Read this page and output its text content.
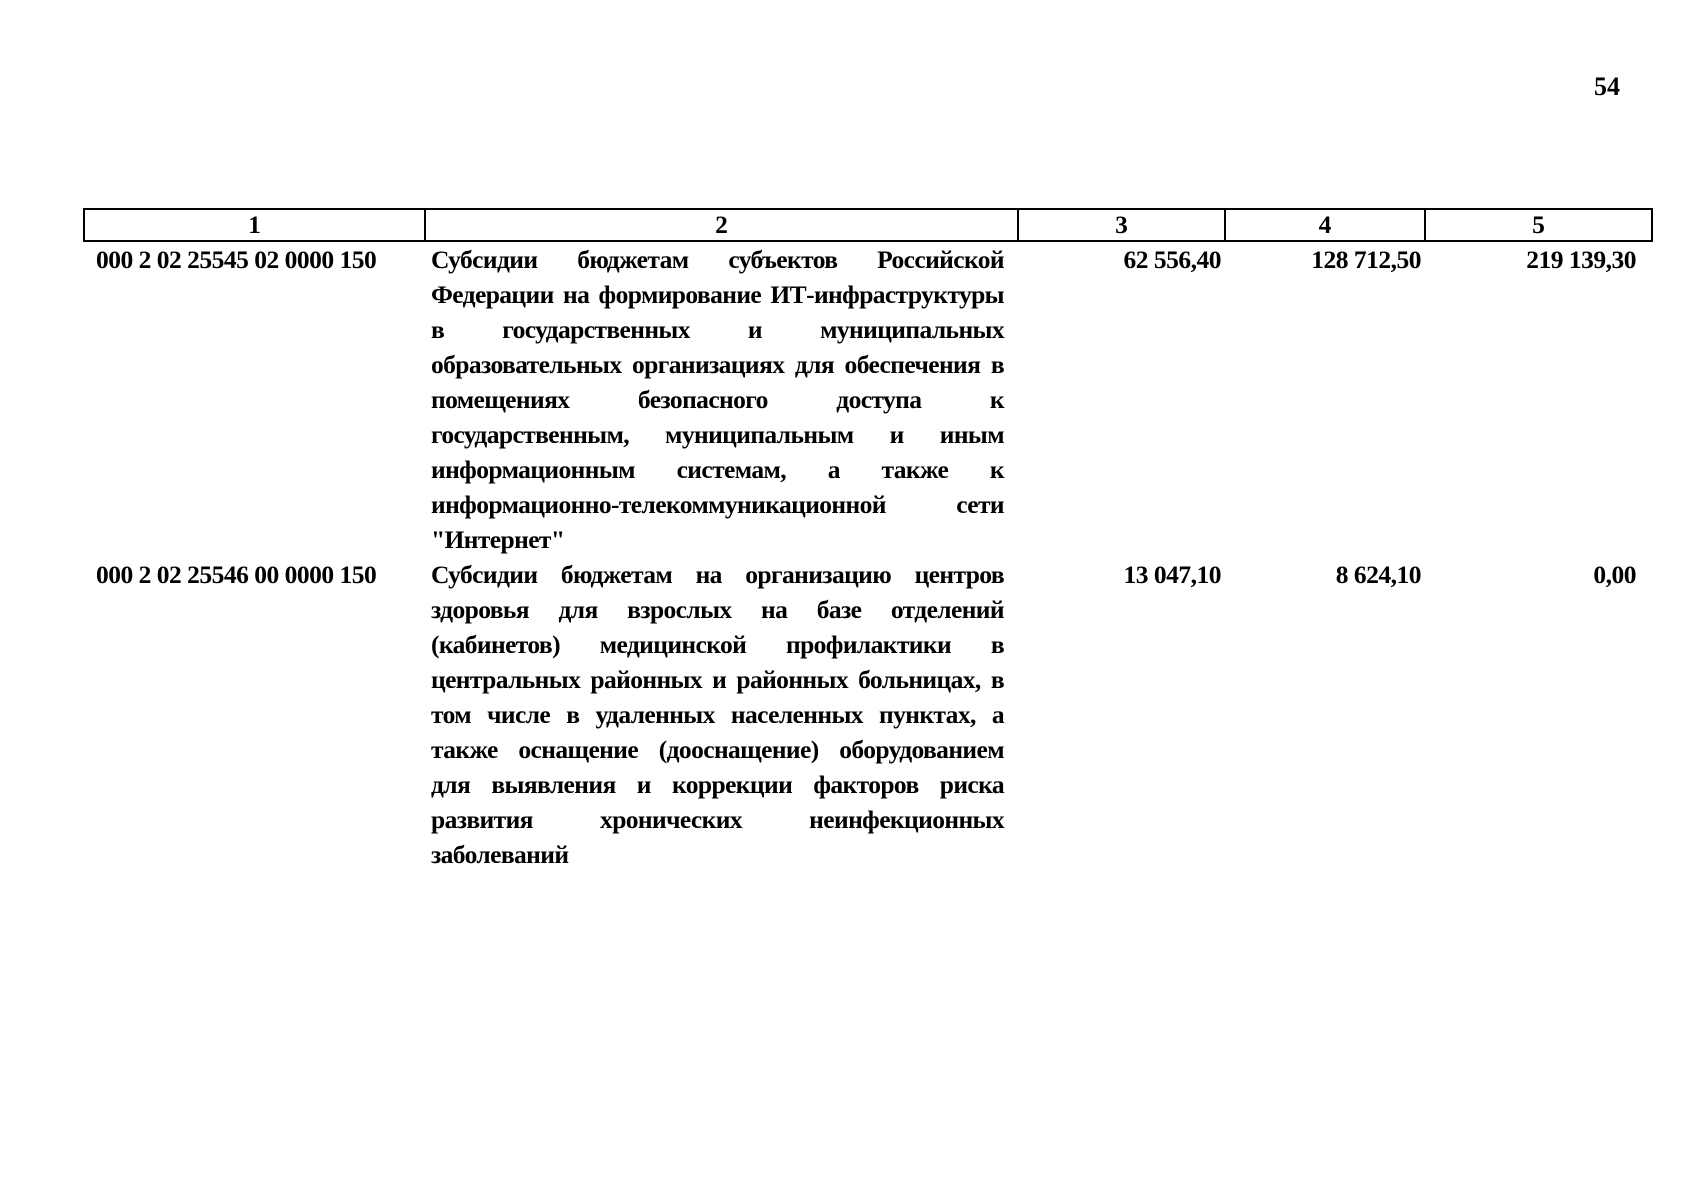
54
1	2	3	4	5
000 2 02 25545 02 0000 150	Субсидии бюджетам субъектов Российской Федерации на формирование ИТ-инфраструктуры в государственных и муниципальных образовательных организациях для обеспечения в помещениях безопасного доступа к государственным, муниципальным и иным информационным системам, а также к информационно-телекоммуникационной сети "Интернет"	62 556,40	128 712,50	219 139,30
000 2 02 25546 00 0000 150	Субсидии бюджетам на организацию центров здоровья для взрослых на базе отделений (кабинетов) медицинской профилактики в центральных районных и районных больницах, в том числе в удаленных населенных пунктах, а также оснащение (дооснащение) оборудованием для выявления и коррекции факторов риска развития хронических неинфекционных заболеваний	13 047,10	8 624,10	0,00
